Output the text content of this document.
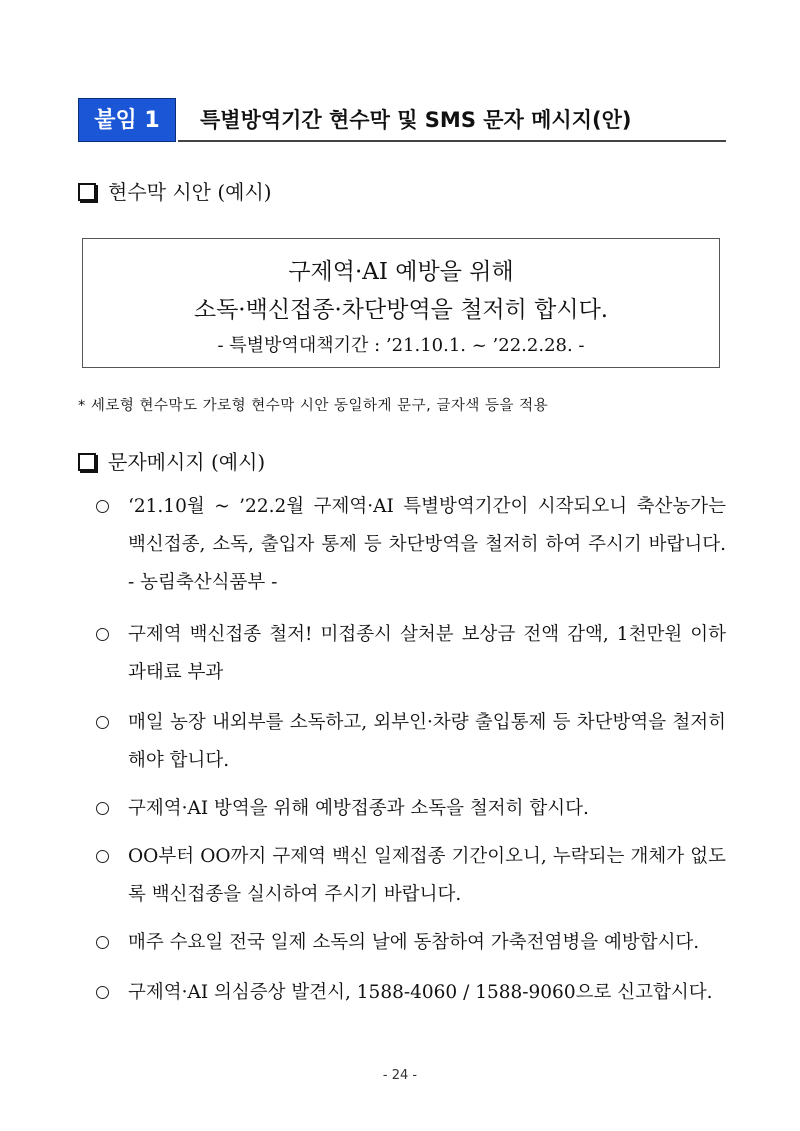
붙임 1	특별방역기간 현수막 및 SMS 문자 메시지(안)
현수막 시안 (예시)
구제역·AI 예방을 위해
소독·백신접종·차단방역을 철저히 합시다.
- 특별방역대책기간 : ’21.10.1. ~ ’22.2.28. -
* 세로형 현수막도 가로형 현수막 시안 동일하게 문구, 글자색 등을 적용
문자메시지 (예시)
‘21.10월 ~ ’22.2월 구제역·AI 특별방역기간이 시작되오니 축산농가는 백신접종, 소독, 출입자 통제 등 차단방역을 철저히 하여 주시기 바랍니다. - 농림축산식품부 -
구제역 백신접종 철저! 미접종시 살처분 보상금 전액 감액, 1천만원 이하 과태료 부과
매일 농장 내외부를 소독하고, 외부인·차량 출입통제 등 차단방역을 철저히 해야 합니다.
구제역·AI 방역을 위해 예방접종과 소독을 철저히 합시다.
OO부터 OO까지 구제역 백신 일제접종 기간이오니, 누락되는 개체가 없도록 백신접종을 실시하여 주시기 바랍니다.
매주 수요일 전국 일제 소독의 날에 동참하여 가축전염병을 예방합시다.
구제역·AI 의심증상 발견시, 1588-4060 / 1588-9060으로 신고합시다.
- 24 -
